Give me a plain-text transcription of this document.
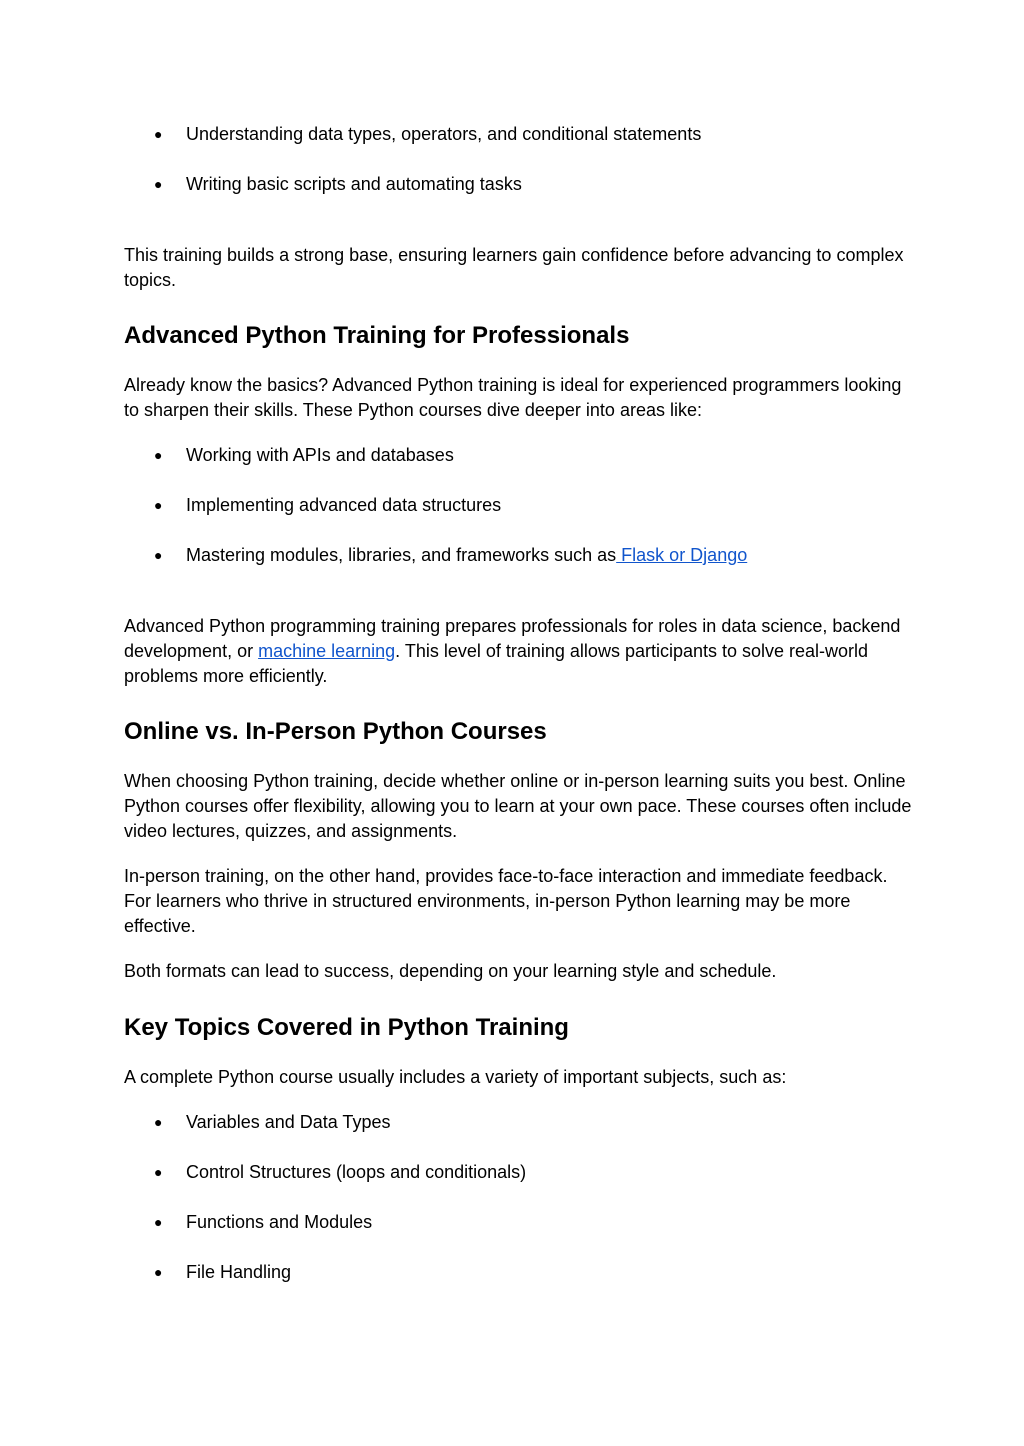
● Understanding data types, operators, and conditional statements
● Writing basic scripts and automating tasks

This training builds a strong base, ensuring learners gain confidence before advancing to complex topics.

Advanced Python Training for Professionals

Already know the basics? Advanced Python training is ideal for experienced programmers looking to sharpen their skills. These Python courses dive deeper into areas like:

● Working with APIs and databases
● Implementing advanced data structures
● Mastering modules, libraries, and frameworks such as Flask or Django

Advanced Python programming training prepares professionals for roles in data science, backend development, or machine learning. This level of training allows participants to solve real-world problems more efficiently.

Online vs. In-Person Python Courses

When choosing Python training, decide whether online or in-person learning suits you best. Online Python courses offer flexibility, allowing you to learn at your own pace. These courses often include video lectures, quizzes, and assignments.

In-person training, on the other hand, provides face-to-face interaction and immediate feedback. For learners who thrive in structured environments, in-person Python learning may be more effective.

Both formats can lead to success, depending on your learning style and schedule.

Key Topics Covered in Python Training

A complete Python course usually includes a variety of important subjects, such as:

● Variables and Data Types
● Control Structures (loops and conditionals)
● Functions and Modules
● File Handling
